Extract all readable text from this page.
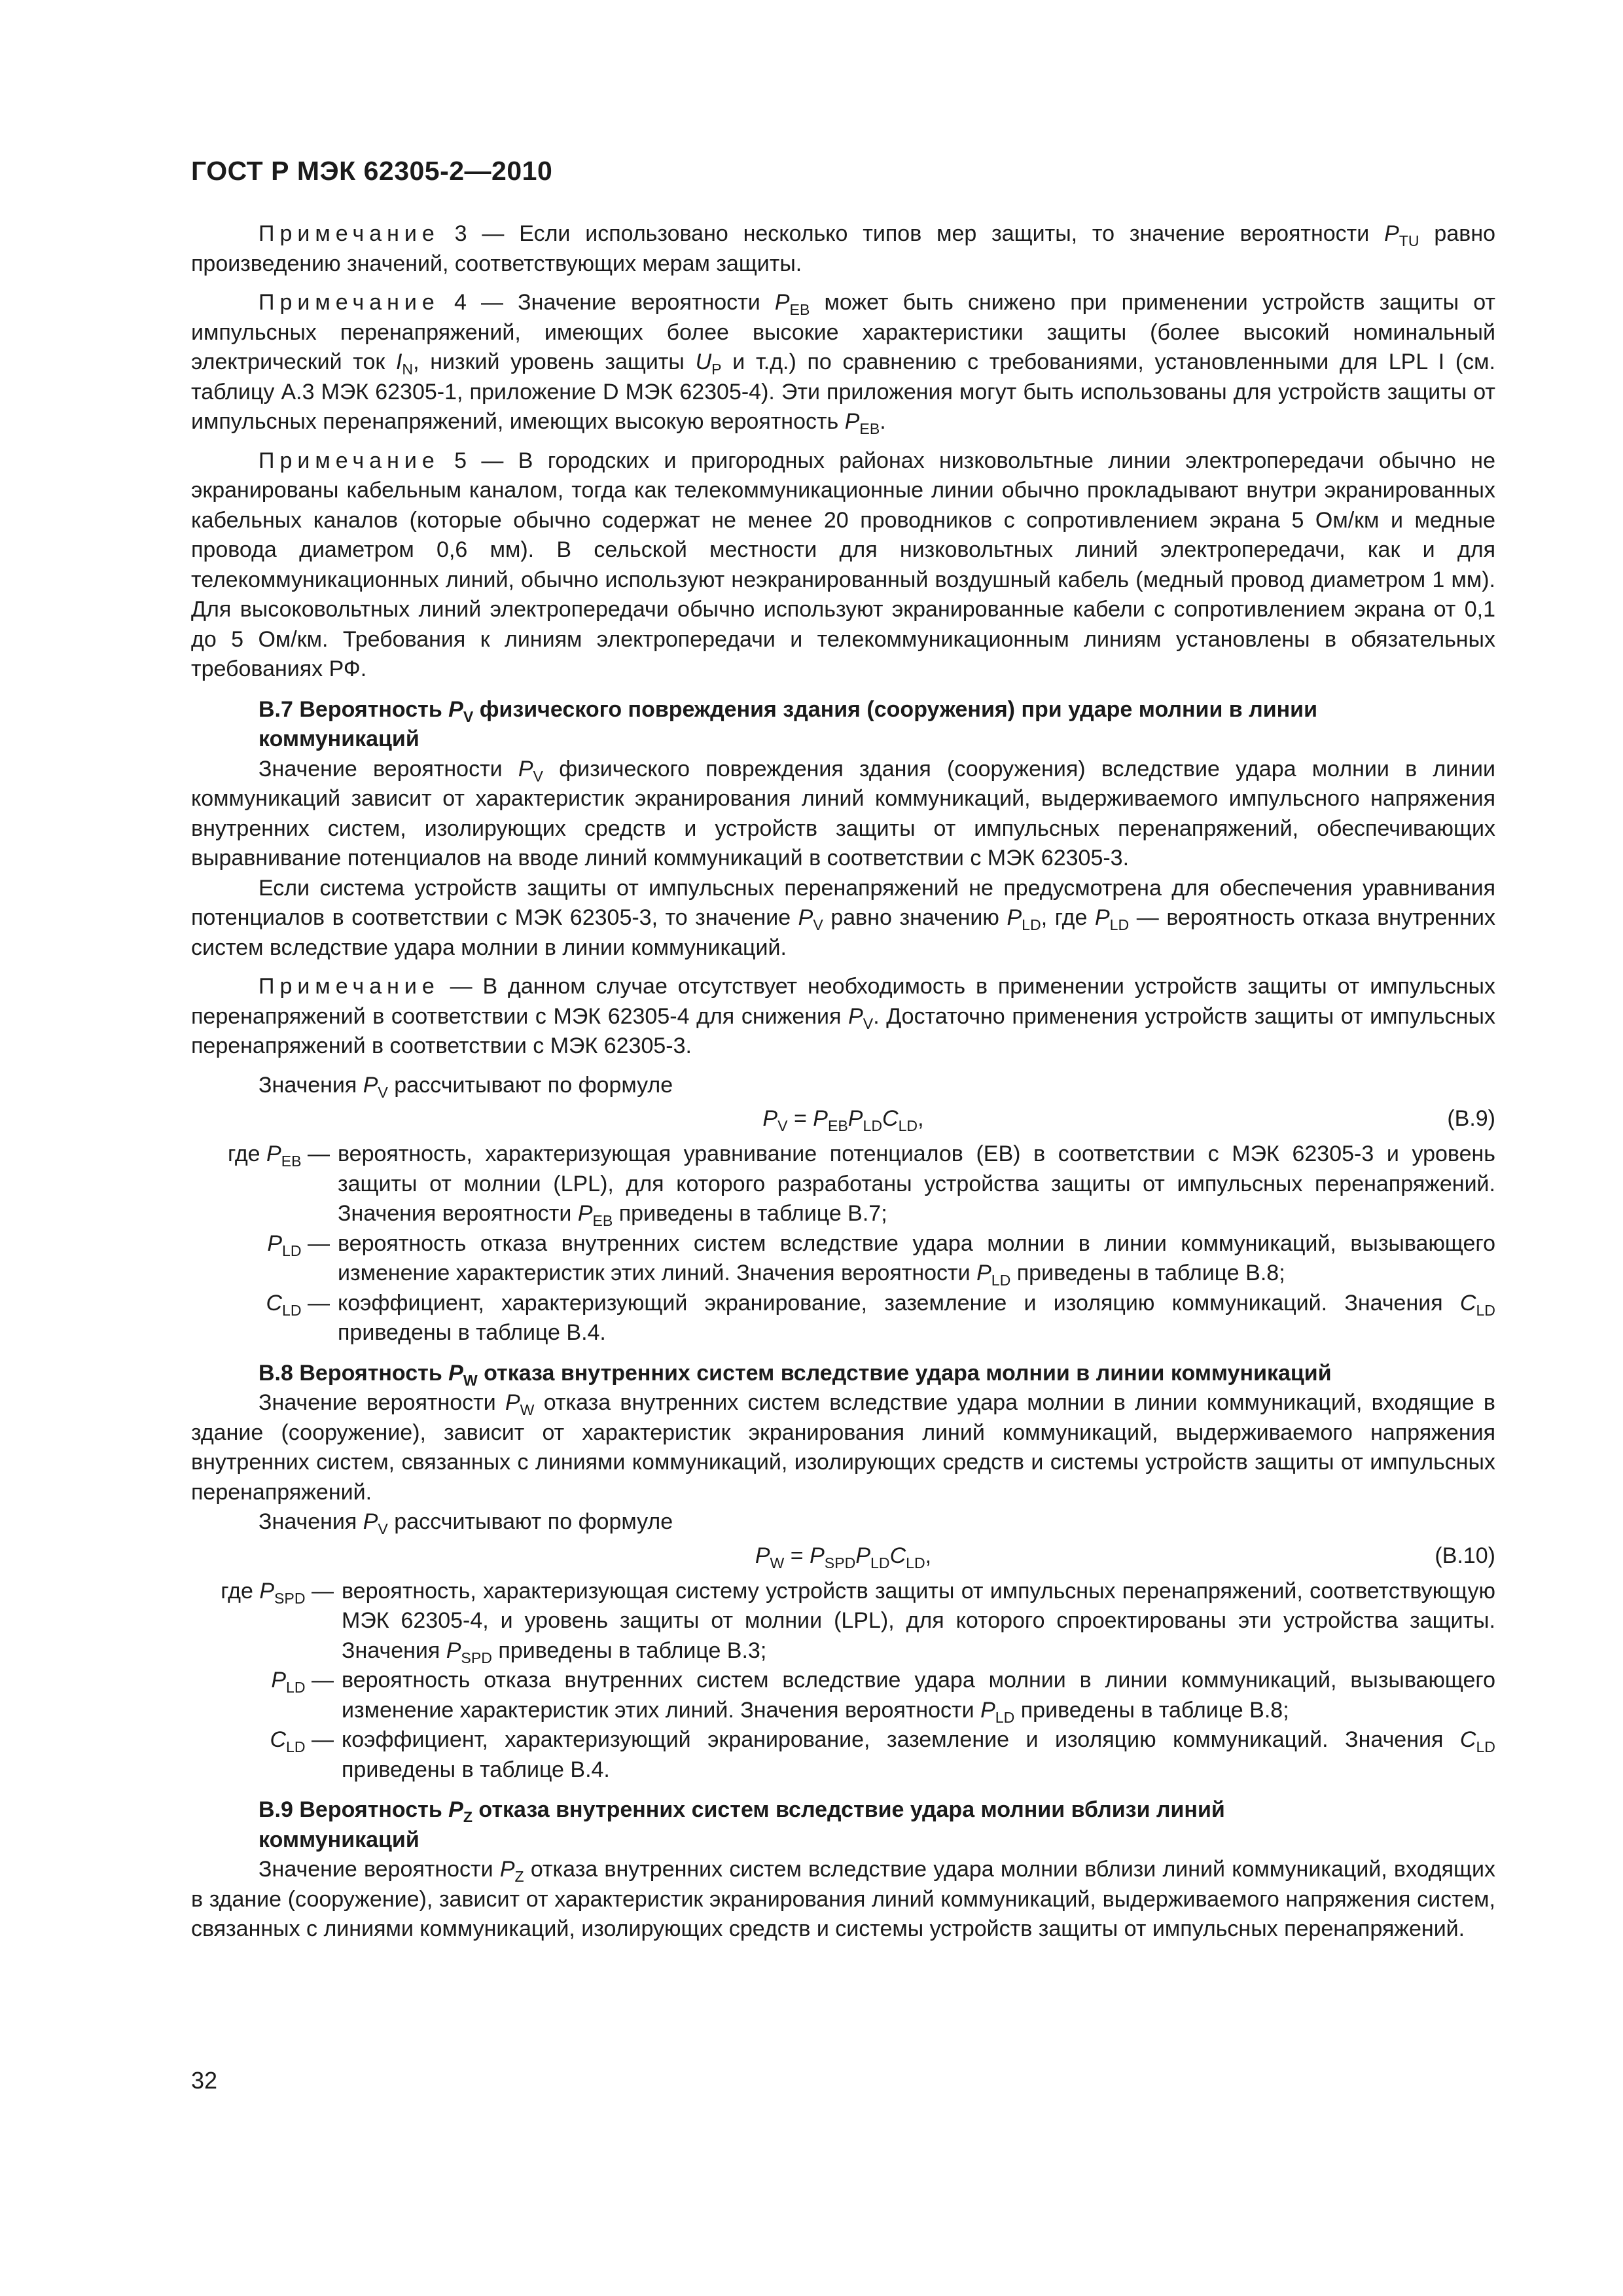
ГОСТ Р МЭК 62305-2—2010

Примечание 3 — Если использовано несколько типов мер защиты, то значение вероятности $P_{TU}$ равно произведению значений, соответствующих мерам защиты.

Примечание 4 — Значение вероятности $P_{EB}$ может быть снижено при применении устройств защиты от импульсных перенапряжений, имеющих более высокие характеристики защиты (более высокий номинальный электрический ток $I_N$, низкий уровень защиты $U_P$ и т.д.) по сравнению с требованиями, установленными для LPL I (см. таблицу А.3 МЭК 62305-1, приложение D МЭК 62305-4). Эти приложения могут быть использованы для устройств защиты от импульсных перенапряжений, имеющих высокую вероятность $P_{EB}$.

Примечание 5 — В городских и пригородных районах низковольтные линии электропередачи обычно не экранированы кабельным каналом, тогда как телекоммуникационные линии обычно прокладывают внутри экранированных кабельных каналов (которые обычно содержат не менее 20 проводников с сопротивлением экрана 5 Ом/км и медные провода диаметром 0,6 мм). В сельской местности для низковольтных линий электропередачи, как и для телекоммуникационных линий, обычно используют неэкранированный воздушный кабель (медный провод диаметром 1 мм). Для высоковольтных линий электропередачи обычно используют экранированные кабели с сопротивлением экрана от 0,1 до 5 Ом/км. Требования к линиям электропередачи и телекоммуникационным линиям установлены в обязательных требованиях РФ.

В.7 Вероятность $P_V$ физического повреждения здания (сооружения) при ударе молнии в линии
коммуникаций

Значение вероятности $P_V$ физического повреждения здания (сооружения) вследствие удара молнии в линии коммуникаций зависит от характеристик экранирования линий коммуникаций, выдерживаемого импульсного напряжения внутренних систем, изолирующих средств и устройств защиты от импульсных перенапряжений, обеспечивающих выравнивание потенциалов на вводе линий коммуникаций в соответствии с МЭК 62305-3.

Если система устройств защиты от импульсных перенапряжений не предусмотрена для обеспечения уравнивания потенциалов в соответствии с МЭК 62305-3, то значение $P_V$ равно значению $P_{LD}$, где $P_{LD}$ — вероятность отказа внутренних систем вследствие удара молнии в линии коммуникаций.

Примечание — В данном случае отсутствует необходимость в применении устройств защиты от импульсных перенапряжений в соответствии с МЭК 62305-4 для снижения $P_V$. Достаточно применения устройств защиты от импульсных перенапряжений в соответствии с МЭК 62305-3.

Значения $P_V$ рассчитывают по формуле

$P_V = P_{EB}P_{LD}C_{LD}$,	(B.9)
где $P_{EB}$ — вероятность, характеризующая уравнивание потенциалов (ЕВ) в соответствии с МЭК 62305-3 и уровень защиты от молнии (LPL), для которого разработаны устройства защиты от импульсных перенапряжений. Значения вероятности $P_{EB}$ приведены в таблице В.7;
$P_{LD}$ — вероятность отказа внутренних систем вследствие удара молнии в линии коммуникаций, вызывающего изменение характеристик этих линий. Значения вероятности $P_{LD}$ приведены в таблице В.8;
$C_{LD}$ — коэффициент, характеризующий экранирование, заземление и изоляцию коммуникаций. Значения $C_{LD}$ приведены в таблице В.4.
В.8 Вероятность $P_W$ отказа внутренних систем вследствие удара молнии в линии коммуникаций

Значение вероятности $P_W$ отказа внутренних систем вследствие удара молнии в линии коммуникаций, входящие в здание (сооружение), зависит от характеристик экранирования линий коммуникаций, выдерживаемого напряжения внутренних систем, связанных с линиями коммуникаций, изолирующих средств и системы устройств защиты от импульсных перенапряжений.

Значения $P_V$ рассчитывают по формуле

$P_W = P_{SPD}P_{LD}C_{LD}$,	(B.10)
где $P_{SPD}$ — вероятность, характеризующая систему устройств защиты от импульсных перенапряжений, соответствующую МЭК 62305-4, и уровень защиты от молнии (LPL), для которого спроектированы эти устройства защиты. Значения $P_{SPD}$ приведены в таблице В.3;
$P_{LD}$ — вероятность отказа внутренних систем вследствие удара молнии в линии коммуникаций, вызывающего изменение характеристик этих линий. Значения вероятности $P_{LD}$ приведены в таблице В.8;
$C_{LD}$ — коэффициент, характеризующий экранирование, заземление и изоляцию коммуникаций. Значения $C_{LD}$ приведены в таблице В.4.
В.9 Вероятность $P_Z$ отказа внутренних систем вследствие удара молнии вблизи линий
коммуникаций

Значение вероятности $P_Z$ отказа внутренних систем вследствие удара молнии вблизи линий коммуникаций, входящих в здание (сооружение), зависит от характеристик экранирования линий коммуникаций, выдерживаемого напряжения систем, связанных с линиями коммуникаций, изолирующих средств и системы устройств защиты от импульсных перенапряжений.

32
